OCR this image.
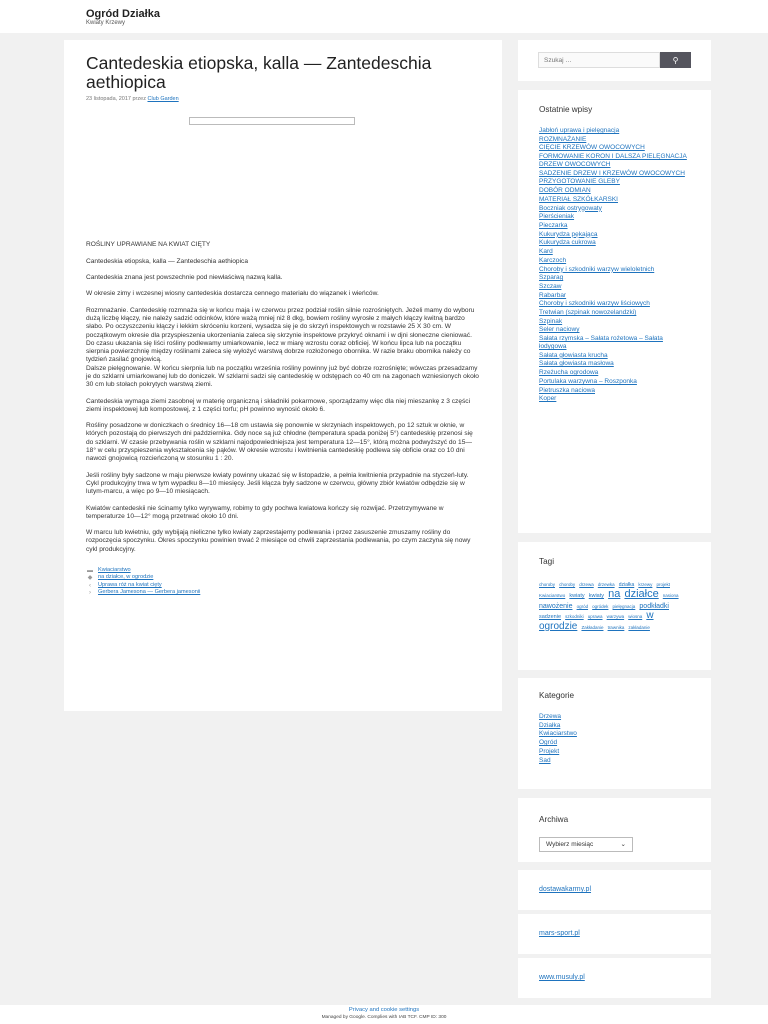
Ogród Działka
Kwiaty Krzewy
Cantedeskia etiopska, kalla — Zantedeschia aethiopica
23 listopada, 2017 przez Club Garden

ROŚLINY UPRAWIANE NA KWIAT CIĘTY

Cantedeskia etiopska, kalla — Zantedeschia aethiopica

Cantedeskia znana jest powszechnie pod niewłaściwą nazwą kalla.

W okresie zimy i wczesnej wiosny cantedeskia dostarcza cennego materiału do wiązanek i wieńców.

Rozmnażanie. Cantedeskię rozmnaża się w końcu maja i w czerwcu przez podział roślin silnie rozrośniętych. Jeżeli mamy do wyboru dużą liczbę kłączy, nie należy sadzić odcinków, które ważą mniej niż 8 dkg, bowiem rośliny wyrosłe z małych kłączy kwitną bardzo słabo. Po oczyszczeniu kłączy i lekkim skróceniu korzeni, wysadza się je do skrzyń inspektowych w rozstawie 25 X 30 cm. W początkowym okresie dla przyspieszenia ukorzeniania zaleca się skrzynie inspektowe przykryć oknami i w djni słoneczne cieniować. Do czasu ukazania się liści rośliny podlewamy umiarkowanie, lecz w miarę wzrostu coraz obficiej. W końcu lipca lub na początku sierpnia powierzchnię między roślinami zaleca się wyłożyć warstwą dobrze rozłożonego obornika. W razie braku obornika należy co tydzień zasilać gnojowicą.
Dalsze pielęgnowanie. W końcu sierpnia lub na początku września rośliny powinny już być dobrze rozrośnięte; wówczas przesadzamy je do szklarni umiarkowanej lub do doniczek. W szklarni sadzi się cantedeskię w odstępach co 40 cm na zagonach wzniesionych około 30 cm lub stołach pokrytych warstwą ziemi.

Cantedeskia wymaga ziemi zasobnej w materię organiczną i składniki pokarmowe, sporządzamy więc dla niej mieszankę z 3 części ziemi inspektowej lub kompostowej, z 1 części torfu; pH powinno wynosić około 6.

Rośliny posadzone w doniczkach o średnicy 16—18 cm ustawia się ponownie w skrzyniach inspektowych, po 12 sztuk w oknie, w których pozostają do pierwszych dni października. Gdy noce są już chłodne (temperatura spada poniżej 5°) cantedeskię przenosi się do szklarni. W czasie przebywania roślin w szklarni najodpowiedniejsza jest temperatura 12—15°, którą można podwyższyć do 15—18° w celu przyspieszenia wykształcenia się pąków. W okresie wzrostu i kwitnienia cantedeskię podlewa się obficie oraz co 10 dni nawozi gnojowicą rozcieńczoną w stosunku 1 : 20.

Jeśli rośliny były sadzone w maju pierwsze kwiaty powinny ukazać się w listopadzie, a pełnia kwitnienia przypadnie na styczeń-luty. Cykl produkcyjny trwa w tym wypadku 8—10 miesięcy. Jeśli kłącza były sadzone w czerwcu, główny zbiór kwiatów odbędzie się w lutym-marcu, a więc po 9—10 miesiącach.

Kwiatów cantedeskii nie ścinamy tylko wyrywamy, robimy to gdy pochwa kwiatowa kończy się rozwijać. Przetrzymywane w temperaturze 10—12° mogą przetrwać około 10 dni.

W marcu lub kwietniu, gdy wybijają nieliczne tylko kwiaty zaprzestajemy podlewania i przez zasuszenie zmuszamy rośliny do rozpoczęcia spoczynku. Okres spoczynku powinien trwać 2 miesiące od chwili zaprzestania podlewania, po czym zaczyna się nowy cykl produkcyjny.

▬ Kwiaciarstwo
◆	na działce, w ogrodzie
‹	Uprawa róż na kwiat cięty
›	Gerbera Jamesona — Gerbera jamesonii
Szukaj …
⚲
Ostatnie wpisy
Jabłoń uprawa i pielęgnacja
ROZMNAŻANIE
CIĘCIE KRZEWÓW OWOCOWYCH
FORMOWANIE KORON I DALSZA PIELĘGNACJA DRZEW OWOCOWYCH
SADZENIE DRZEW I KRZEWÓW OWOCOWYCH
PRZYGOTOWANIE GLEBY
DOBÓR ODMIAN
MATERIAŁ SZKÓŁKARSKI
Boczniak ostrygowaty
Pierścieniak
Pieczarka
Kukurydza pękająca
Kukurydza cukrowa
Kard
Karczoch
Choroby i szkodniki warzyw wieloletnich
Szparag
Szczaw
Rabarbar
Choroby i szkodniki warzyw liściowych
Tretwian (szpinak nowozelandzki)
Szpinak
Seler naciowy
Sałata rzymska – Sałata rożetowa – Sałata łodygowa
Sałata głowiasta krucha
Sałata głowiasta masłowa
Rzeżucha ogrodowa
Portulaka warzywna – Roszponka
Pietruszka naciowa
Koper
Tagi
choroby choroby drzewa drzewka działka krzewy projekt Kwiaciarstwo kwiaty kwiaty na działce nasiona nawożenie ogród ogródek pielęgnacja podkładki sadzenie szkodniki uprawa warzywa wiosna w ogrodzie Zakładanie trawnika zakładanie
Kategorie
Drzewa
Działka
Kwiaciarstwo
Ogród
Projekt
Sad
Archiwa
Wybierz miesiąc	⌄
dostawakarmy.pl
mars-sport.pl
www.musuly.pl
Privacy and cookie settings
Managed by Google. Complies with IAB TCF. CMP ID: 300
